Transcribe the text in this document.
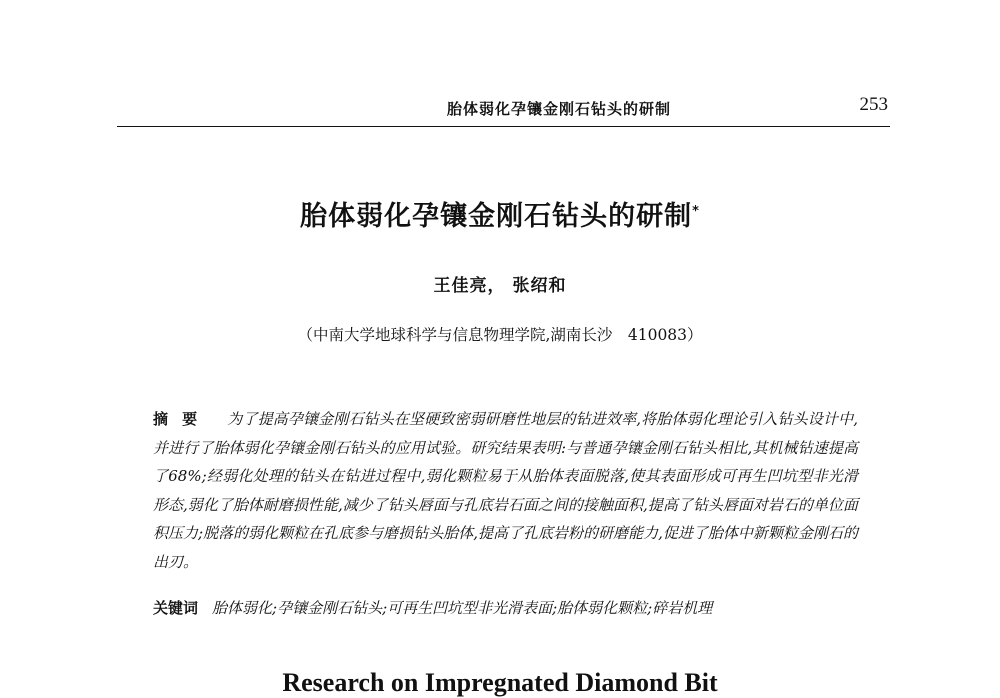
胎体弱化孕镶金刚石钻头的研制	253
胎体弱化孕镶金刚石钻头的研制*
王佳亮， 张绍和
（中南大学地球科学与信息物理学院,湖南长沙　410083）
摘要 为了提高孕镶金刚石钻头在坚硬致密弱研磨性地层的钻进效率,将胎体弱化理论引入钻头设计中,并进行了胎体弱化孕镶金刚石钻头的应用试验。研究结果表明:与普通孕镶金刚石钻头相比,其机械钻速提高了68%;经弱化处理的钻头在钻进过程中,弱化颗粒易于从胎体表面脱落,使其表面形成可再生凹坑型非光滑形态,弱化了胎体耐磨损性能,减少了钻头唇面与孔底岩石面之间的接触面积,提高了钻头唇面对岩石的单位面积压力;脱落的弱化颗粒在孔底参与磨损钻头胎体,提高了孔底岩粉的研磨能力,促进了胎体中新颗粒金刚石的出刃。
关键词 胎体弱化;孕镶金刚石钻头;可再生凹坑型非光滑表面;胎体弱化颗粒;碎岩机理
Research on Impregnated Diamond Bit
